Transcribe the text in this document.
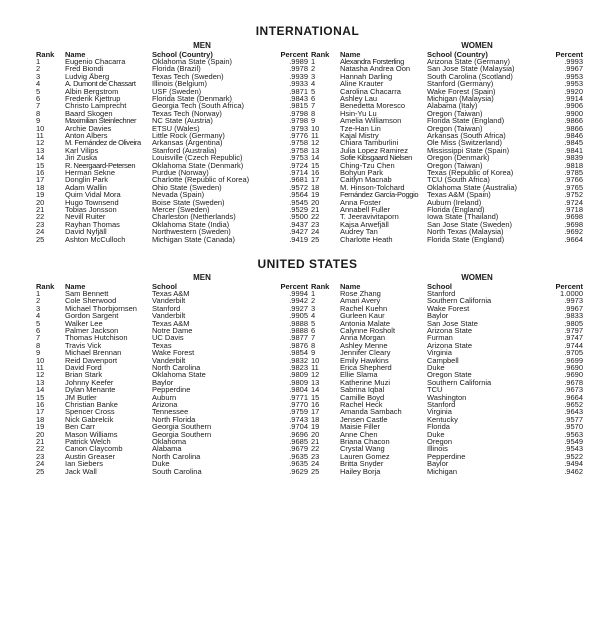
INTERNATIONAL
MEN
Rank	Name	School (Country)	Percent
1	Eugenio Chacarra	Oklahoma State (Spain)	.9989
2	Fred Biondi	Florida (Brazil)	.9978
3	Ludvig Åberg	Texas Tech (Sweden)	.9939
4	A. Dumont de Chassart	Illinois (Belgium)	.9933
5	Albin Bergstrom	USF (Sweden)	.9871
6	Frederik Kjettrup	Florida State (Denmark)	.9843
7	Christo Lamprecht	Georgia Tech (South Africa)	.9815
8	Baard Skogen	Texas Tech (Norway)	.9798
9	Maximilian Steinlechner	NC State (Austria)	.9798
10	Archie Davies	ETSU (Wales)	.9793
11	Anton Albers	Little Rock (Germany)	.9776
12	M. Fernández de Oliveira	Arkansas (Argentina)	.9758
13	Karl Vilips	Stanford (Australia)	.9758
14	Jiri Zuska	Louisville (Czech Republic)	.9753
15	R. Neergaard-Petersen	Oklahoma State (Denmark)	.9724
16	Herman Sekne	Purdue (Norway)	.9714
17	Donglin Park	Charlotte (Republic of Korea)	.9681
18	Adam Wallin	Ohio State (Sweden)	.9572
19	Quim Vidal Mora	Nevada (Spain)	.9564
20	Hugo Townsend	Boise State (Sweden)	.9545
21	Tobias Jonsson	Mercer (Sweden)	.9529
22	Nevill Ruiter	Charleston (Netherlands)	.9500
23	Rayhan Thomas	Oklahoma State (India)	.9437
24	David Nyfjäll	Northwestern (Sweden)	.9427
25	Ashton McCulloch	Michigan State (Canada)	.9419
WOMEN
Rank	Name	School (Country)	Percent
1	Alexandra Forsterling	Arizona State (Germany)	.9993
2	Natasha Andrea Oon	San Jose State (Malaysia)	.9967
3	Hannah Darling	South Carolina (Scotland)	.9953
4	Aline Krauter	Stanford (Germany)	.9953
5	Carolina Chacarra	Wake Forest (Spain)	.9920
6	Ashley Lau	Michigan (Malaysia)	.9914
7	Benedetta Moresco	Alabama (Italy)	.9906
8	Hsin-Yu Lu	Oregon (Taiwan)	.9900
9	Amelia Williamson	Florida State (England)	.9866
10	Tze-Han Lin	Oregon (Taiwan)	.9866
11	Kajal Mistry	Arkansas (South Africa)	.9846
12	Chiara Tamburlini	Ole Miss (Switzerland)	.9845
13	Julia Lopez Ramirez	Mississippi State (Spain)	.9841
14	Sofie Kibsgaard Nielsen	Oregon (Denmark)	.9839
15	Ching-Tzu Chen	Oregon (Taiwan)	.9818
16	Bohyun Park	Texas (Republic of Korea)	.9785
17	Caitlyn Macnab	TCU (South Africa)	.9766
18	M. Hinson-Tolchard	Oklahoma State (Australia)	.9765
19	Fernández García-Poggio	Texas A&M (Spain)	.9752
20	Anna Foster	Auburn (Ireland)	.9724
21	Annabell Fuller	Florida (England)	.9718
22	T. Jeeravivitaporn	Iowa State (Thailand)	.9698
23	Kajsa Arwefjäll	San Jose State (Sweden)	.9698
24	Audrey Tan	North Texas (Malaysia)	.9692
25	Charlotte Heath	Florida State (England)	.9664
UNITED STATES
MEN
Rank	Name	School	Percent
1	Sam Bennett	Texas A&M	.9994
2	Cole Sherwood	Vanderbilt	.9942
3	Michael Thorbjornsen	Stanford	.9927
4	Gordon Sargent	Vanderbilt	.9905
5	Walker Lee	Texas A&M	.9888
6	Palmer Jackson	Notre Dame	.9888
7	Thomas Hutchison	UC Davis	.9877
8	Travis Vick	Texas	.9876
9	Michael Brennan	Wake Forest	.9854
10	Reid Davenport	Vanderbilt	.9832
11	David Ford	North Carolina	.9823
12	Brian Stark	Oklahoma State	.9809
13	Johnny Keefer	Baylor	.9809
14	Dylan Menante	Pepperdine	.9804
15	JM Butler	Auburn	.9771
16	Christian Banke	Arizona	.9770
17	Spencer Cross	Tennessee	.9759
18	Nick Gabrelcik	North Florida	.9743
19	Ben Carr	Georgia Southern	.9704
20	Mason Williams	Georgia Southern	.9696
21	Patrick Welch	Oklahoma	.9685
22	Canon Claycomb	Alabama	.9679
23	Austin Greaser	North Carolina	.9635
24	Ian Siebers	Duke	.9635
25	Jack Wall	South Carolina	.9629
WOMEN
Rank	Name	School	Percent
1	Rose Zhang	Stanford	1.0000
2	Amari Avery	Southern California	.9973
3	Rachel Kuehn	Wake Forest	.9967
4	Gurleen Kaur	Baylor	.9833
5	Antonia Malate	San Jose State	.9805
6	Calynne Rosholt	Arizona State	.9797
7	Anna Morgan	Furman	.9747
8	Ashley Menne	Arizona State	.9744
9	Jennifer Cleary	Virginia	.9705
10	Emily Hawkins	Campbell	.9699
11	Erica Shepherd	Duke	.9690
12	Ellie Slama	Oregon State	.9690
13	Katherine Muzi	Southern California	.9678
14	Sabrina Iqbal	TCU	.9673
15	Camille Boyd	Washington	.9664
16	Rachel Heck	Stanford	.9652
17	Amanda Sambach	Virginia	.9643
18	Jensen Castle	Kentucky	.9577
19	Maisie Filler	Florida	.9570
20	Anne Chen	Duke	.9563
21	Briana Chacon	Oregon	.9549
22	Crystal Wang	Illinois	.9543
23	Lauren Gomez	Pepperdine	.9522
24	Britta Snyder	Baylor	.9494
25	Hailey Borja	Michigan	.9462
